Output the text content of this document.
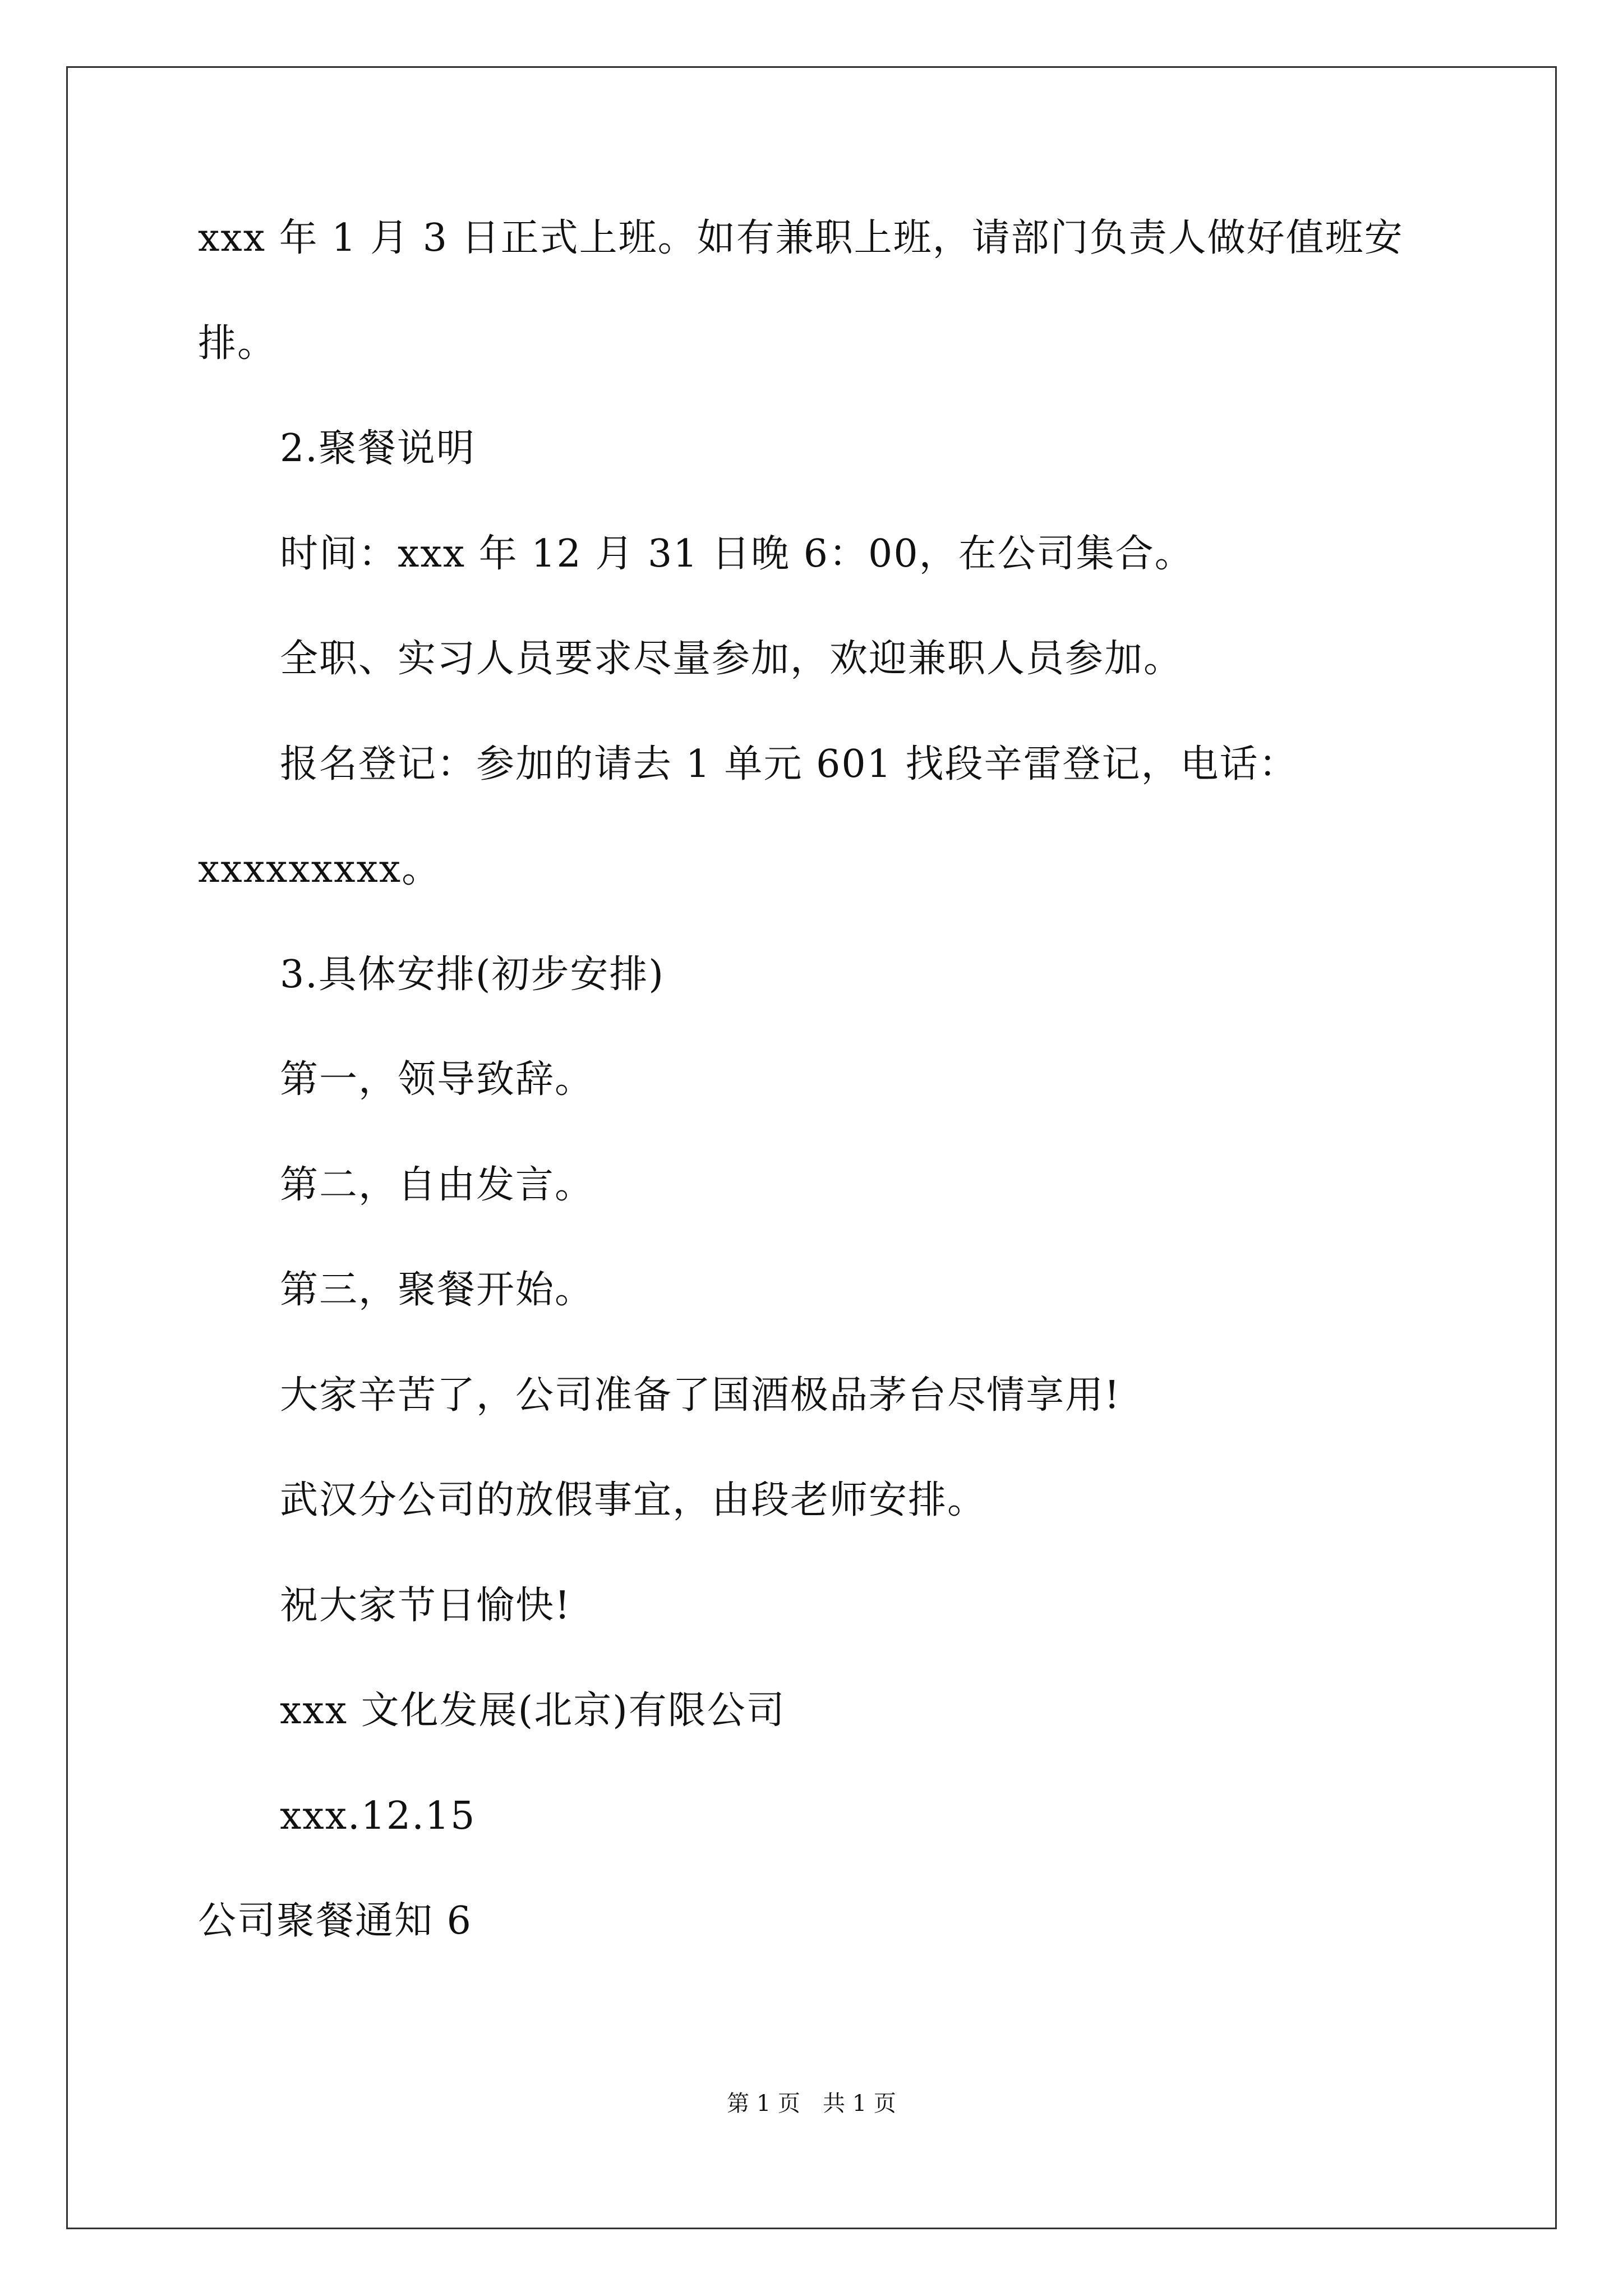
xxx 年 1 月 3 日正式上班。如有兼职上班，请部门负责人做好值班安
排。
2.聚餐说明
时间：xxx 年 12 月 31 日晚 6：00，在公司集合。
全职、实习人员要求尽量参加，欢迎兼职人员参加。
报名登记：参加的请去 1 单元 601 找段辛雷登记，电话：
xxxxxxxxx。
3.具体安排(初步安排)
第一，领导致辞。
第二，自由发言。
第三，聚餐开始。
大家辛苦了，公司准备了国酒极品茅台尽情享用!
武汉分公司的放假事宜，由段老师安排。
祝大家节日愉快!
xxx 文化发展(北京)有限公司
xxx.12.15
公司聚餐通知 6
第 1 页 共 1 页
